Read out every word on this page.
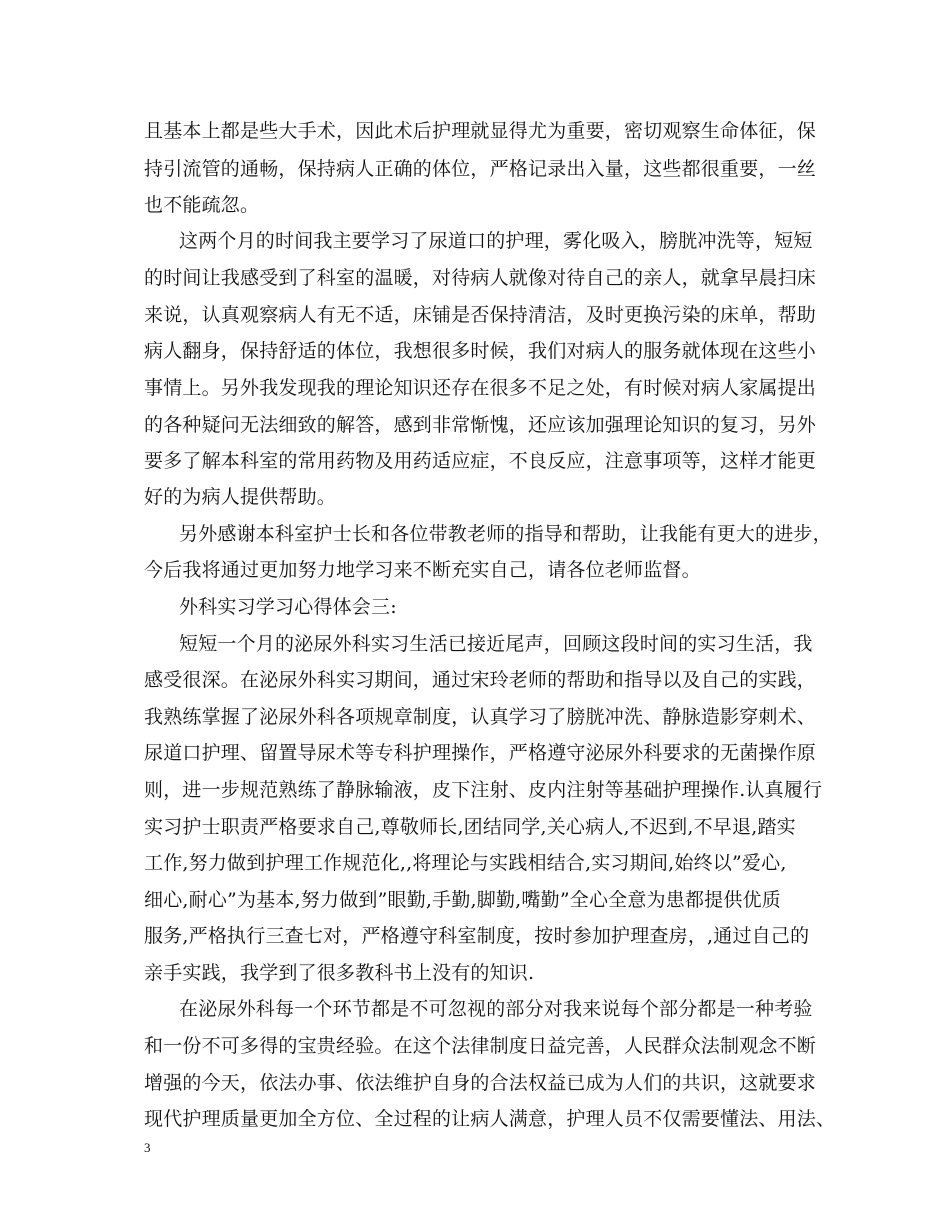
且基本上都是些大手术，因此术后护理就显得尤为重要，密切观察生命体征，保
持引流管的通畅，保持病人正确的体位，严格记录出入量，这些都很重要，一丝
也不能疏忽。
这两个月的时间我主要学习了尿道口的护理，雾化吸入，膀胱冲洗等，短短
的时间让我感受到了科室的温暖，对待病人就像对待自己的亲人，就拿早晨扫床
来说，认真观察病人有无不适，床铺是否保持清洁，及时更换污染的床单，帮助
病人翻身，保持舒适的体位，我想很多时候，我们对病人的服务就体现在这些小
事情上。另外我发现我的理论知识还存在很多不足之处，有时候对病人家属提出
的各种疑问无法细致的解答，感到非常惭愧，还应该加强理论知识的复习，另外
要多了解本科室的常用药物及用药适应症，不良反应，注意事项等，这样才能更
好的为病人提供帮助。
另外感谢本科室护士长和各位带教老师的指导和帮助，让我能有更大的进步，
今后我将通过更加努力地学习来不断充实自己，请各位老师监督。
外科实习学习心得体会三:
短短一个月的泌尿外科实习生活已接近尾声，回顾这段时间的实习生活，我
感受很深。在泌尿外科实习期间，通过宋玲老师的帮助和指导以及自己的实践，
我熟练掌握了泌尿外科各项规章制度，认真学习了膀胱冲洗、静脉造影穿刺术、
尿道口护理、留置导尿术等专科护理操作，严格遵守泌尿外科要求的无菌操作原
则，进一步规范熟练了静脉输液，皮下注射、皮内注射等基础护理操作.认真履行
实习护士职责严格要求自己,尊敬师长,团结同学,关心病人,不迟到,不早退,踏实
工作,努力做到护理工作规范化,,将理论与实践相结合,实习期间,始终以”爱心,
细心,耐心”为基本,努力做到”眼勤,手勤,脚勤,嘴勤”全心全意为患都提供优质
服务,严格执行三查七对，严格遵守科室制度，按时参加护理查房，,通过自己的
亲手实践，我学到了很多教科书上没有的知识.
在泌尿外科每一个环节都是不可忽视的部分对我来说每个部分都是一种考验
和一份不可多得的宝贵经验。在这个法律制度日益完善，人民群众法制观念不断
增强的今天，依法办事、依法维护自身的合法权益已成为人们的共识，这就要求
现代护理质量更加全方位、全过程的让病人满意，护理人员不仅需要懂法、用法、
3
